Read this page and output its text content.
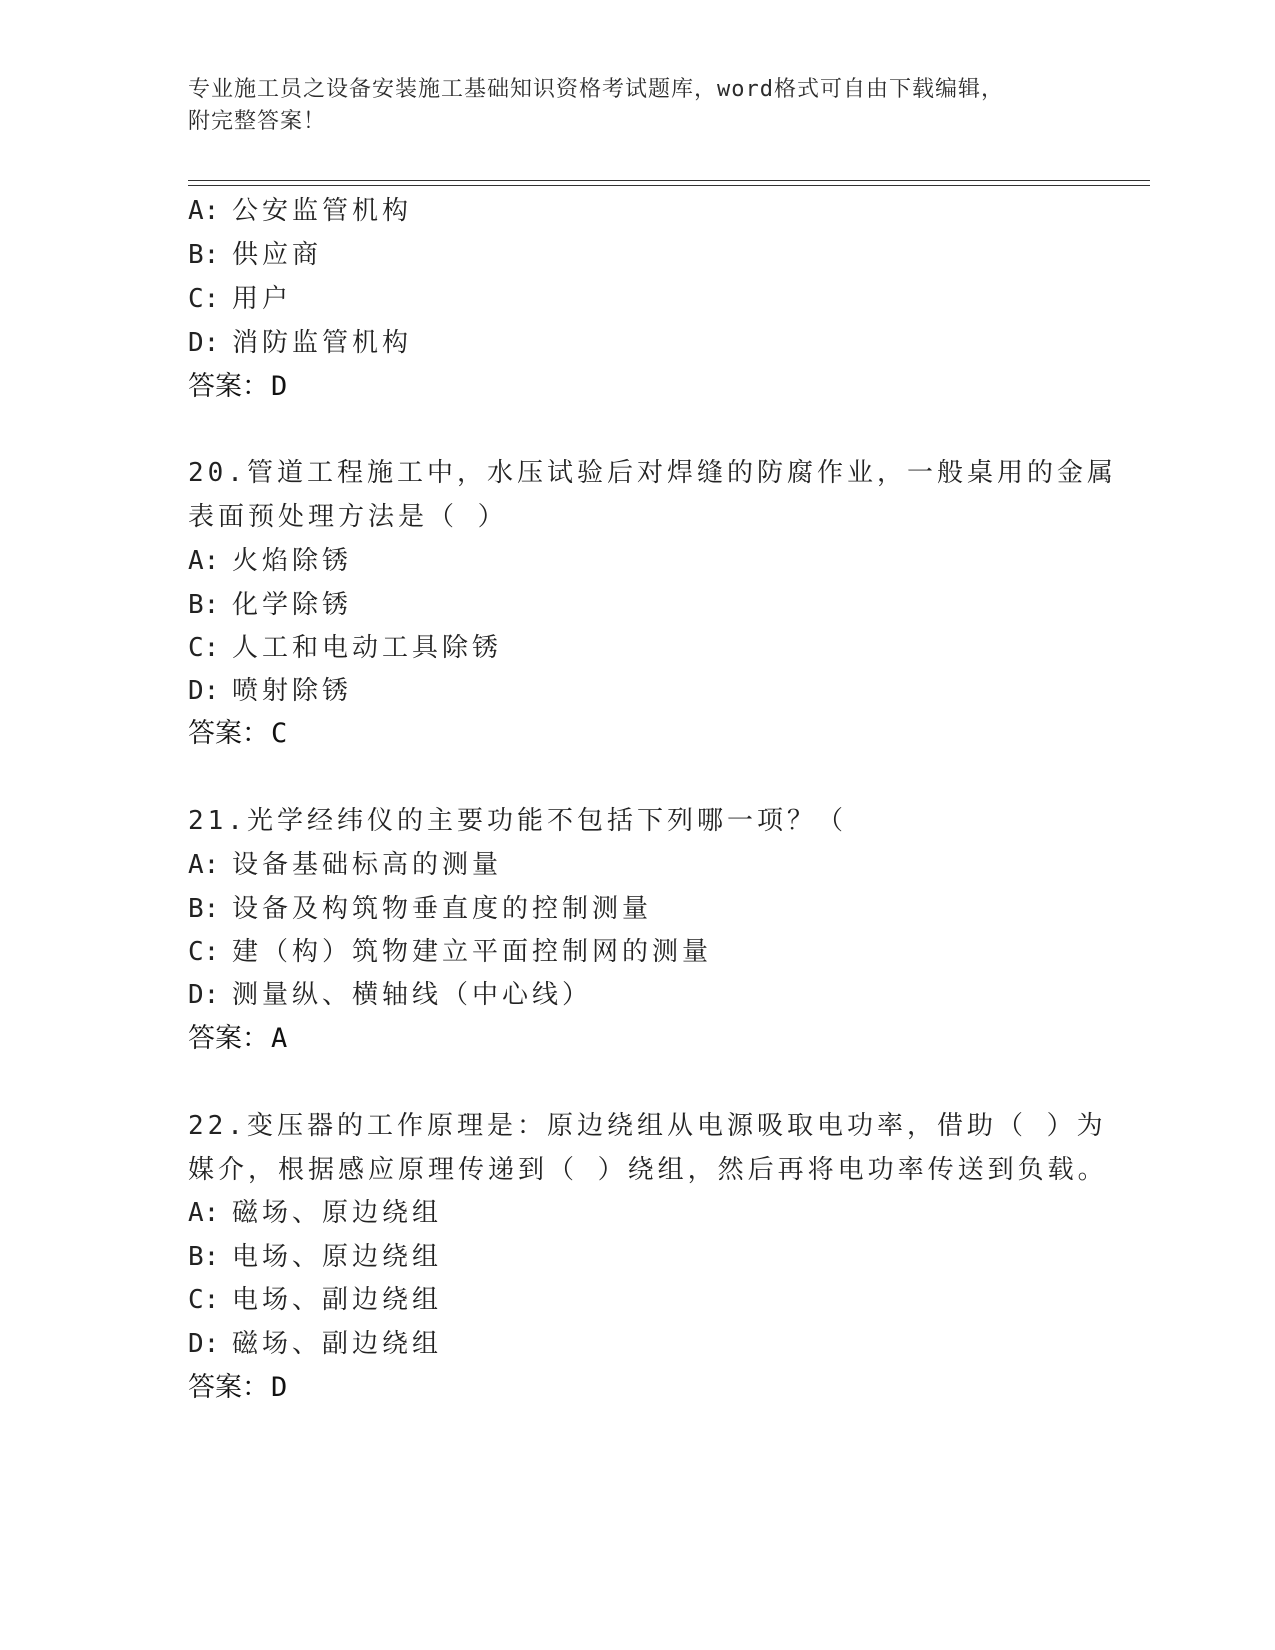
专业施工员之设备安装施工基础知识资格考试题库，word格式可自由下载编辑，
附完整答案！
A: 公安监管机构
B: 供应商
C: 用户
D: 消防监管机构
答案：D
20.管道工程施工中，水压试验后对焊缝的防腐作业，一般桌用的金属
表面预处理方法是（ ）
A: 火焰除锈
B: 化学除锈
C: 人工和电动工具除锈
D: 喷射除锈
答案：C
21.光学经纬仪的主要功能不包括下列哪一项？（
A: 设备基础标高的测量
B: 设备及构筑物垂直度的控制测量
C: 建（构）筑物建立平面控制网的测量
D: 测量纵、横轴线（中心线）
答案：A
22.变压器的工作原理是：原边绕组从电源吸取电功率，借助（ ）为
媒介，根据感应原理传递到（ ）绕组，然后再将电功率传送到负载。
A: 磁场、原边绕组
B: 电场、原边绕组
C: 电场、副边绕组
D: 磁场、副边绕组
答案：D
